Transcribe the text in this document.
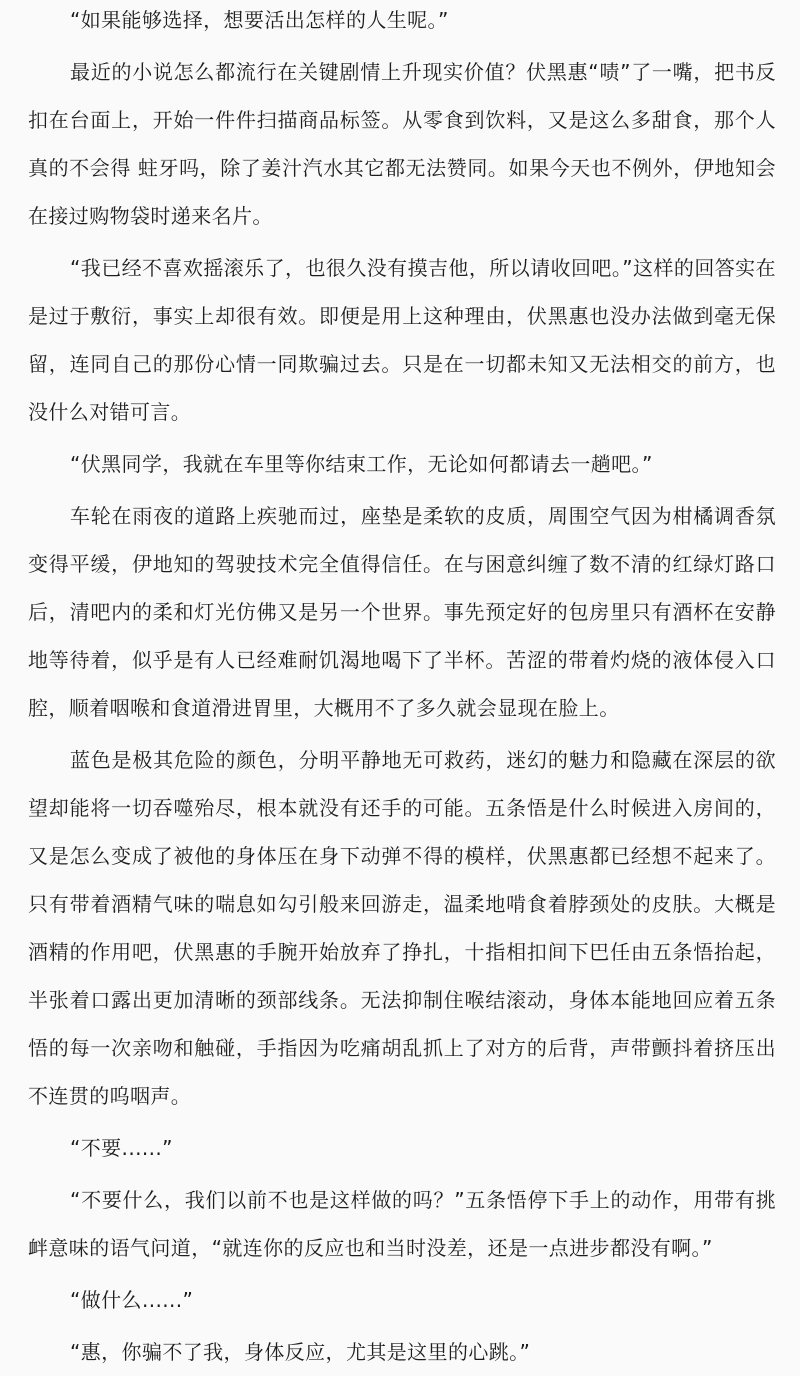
“如果能够选择，想要活出怎样的人生呢。”

最近的小说怎么都流行在关键剧情上升现实价值？伏黑惠“啧”了一嘴，把书反扣在台面上，开始一件件扫描商品标签。从零食到饮料，又是这么多甜食，那个人真的不会得 蛀牙吗，除了姜汁汽水其它都无法赞同。如果今天也不例外，伊地知会在接过购物袋时递来名片。

“我已经不喜欢摇滚乐了，也很久没有摸吉他，所以请收回吧。”这样的回答实在是过于敷衍，事实上却很有效。即便是用上这种理由，伏黑惠也没办法做到毫无保留，连同自己的那份心情一同欺骗过去。只是在一切都未知又无法相交的前方，也没什么对错可言。

“伏黑同学，我就在车里等你结束工作，无论如何都请去一趟吧。”

车轮在雨夜的道路上疾驰而过，座垫是柔软的皮质，周围空气因为柑橘调香氛变得平缓，伊地知的驾驶技术完全值得信任。在与困意纠缠了数不清的红绿灯路口后，清吧内的柔和灯光仿佛又是另一个世界。事先预定好的包房里只有酒杯在安静地等待着，似乎是有人已经难耐饥渴地喝下了半杯。苦涩的带着灼烧的液体侵入口腔，顺着咽喉和食道滑进胃里，大概用不了多久就会显现在脸上。

蓝色是极其危险的颜色，分明平静地无可救药，迷幻的魅力和隐藏在深层的欲望却能将一切吞噬殆尽，根本就没有还手的可能。五条悟是什么时候进入房间的，又是怎么变成了被他的身体压在身下动弹不得的模样，伏黑惠都已经想不起来了。只有带着酒精气味的喘息如勾引般来回游走，温柔地啃食着脖颈处的皮肤。大概是酒精的作用吧，伏黑惠的手腕开始放弃了挣扎，十指相扣间下巴任由五条悟抬起，半张着口露出更加清晰的颈部线条。无法抑制住喉结滚动，身体本能地回应着五条悟的每一次亲吻和触碰，手指因为吃痛胡乱抓上了对方的后背，声带颤抖着挤压出不连贯的呜咽声。

“不要......”

“不要什么，我们以前不也是这样做的吗？”五条悟停下手上的动作，用带有挑衅意味的语气问道，“就连你的反应也和当时没差，还是一点进步都没有啊。”

“做什么......”

“惠，你骗不了我，身体反应，尤其是这里的心跳。”
